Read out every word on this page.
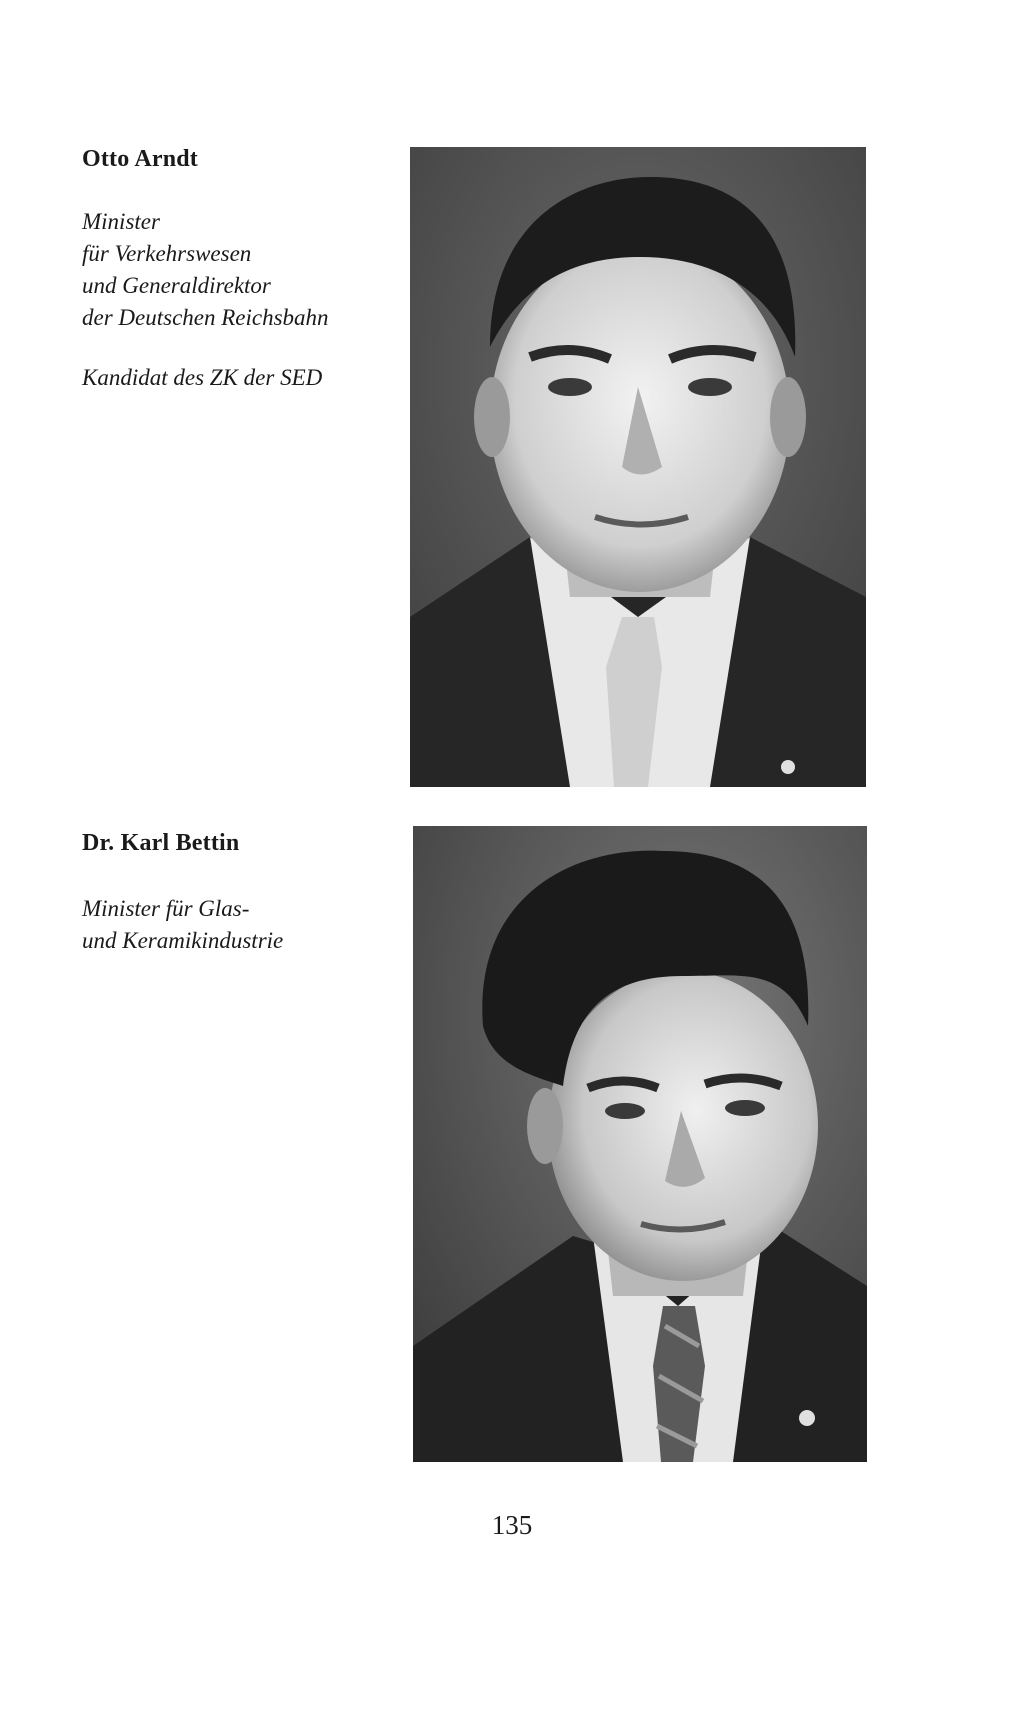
Otto Arndt
Minister
für Verkehrswesen
und Generaldirektor
der Deutschen Reichsbahn
Kandidat des ZK der SED
Dr. Karl Bettin
Minister für Glas-
und Keramikindustrie

135
